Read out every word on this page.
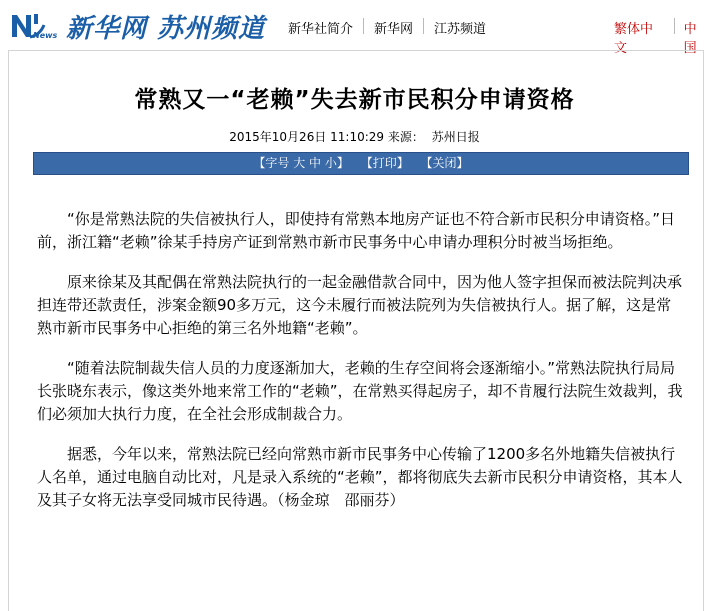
News 新华网 苏州频道 新华社简介 新华网 江苏频道	繁体中文
中国
常熟又一“老赖”失去新市民积分申请资格
2015年10月26日 11:10:29 来源： 苏州日报
【字号 大 中 小】 【打印】 【关闭】

“你是常熟法院的失信被执行人，即使持有常熟本地房产证也不符合新市民积分申请资格。”日前，浙江籍“老赖”徐某手持房产证到常熟市新市民事务中心申请办理积分时被当场拒绝。

原来徐某及其配偶在常熟法院执行的一起金融借款合同中，因为他人签字担保而被法院判决承担连带还款责任，涉案金额90多万元，这今未履行而被法院列为失信被执行人。据了解，这是常熟市新市民事务中心拒绝的第三名外地籍“老赖”。

“随着法院制裁失信人员的力度逐渐加大，老赖的生存空间将会逐渐缩小。”常熟法院执行局局长张晓东表示，像这类外地来常工作的“老赖”，在常熟买得起房子，却不肯履行法院生效裁判，我们必须加大执行力度，在全社会形成制裁合力。

据悉，今年以来，常熟法院已经向常熟市新市民事务中心传输了1200多名外地籍失信被执行人名单，通过电脑自动比对，凡是录入系统的“老赖”，都将彻底失去新市民积分申请资格，其本人及其子女将无法享受同城市民待遇。（杨金琼　邵丽芬）
